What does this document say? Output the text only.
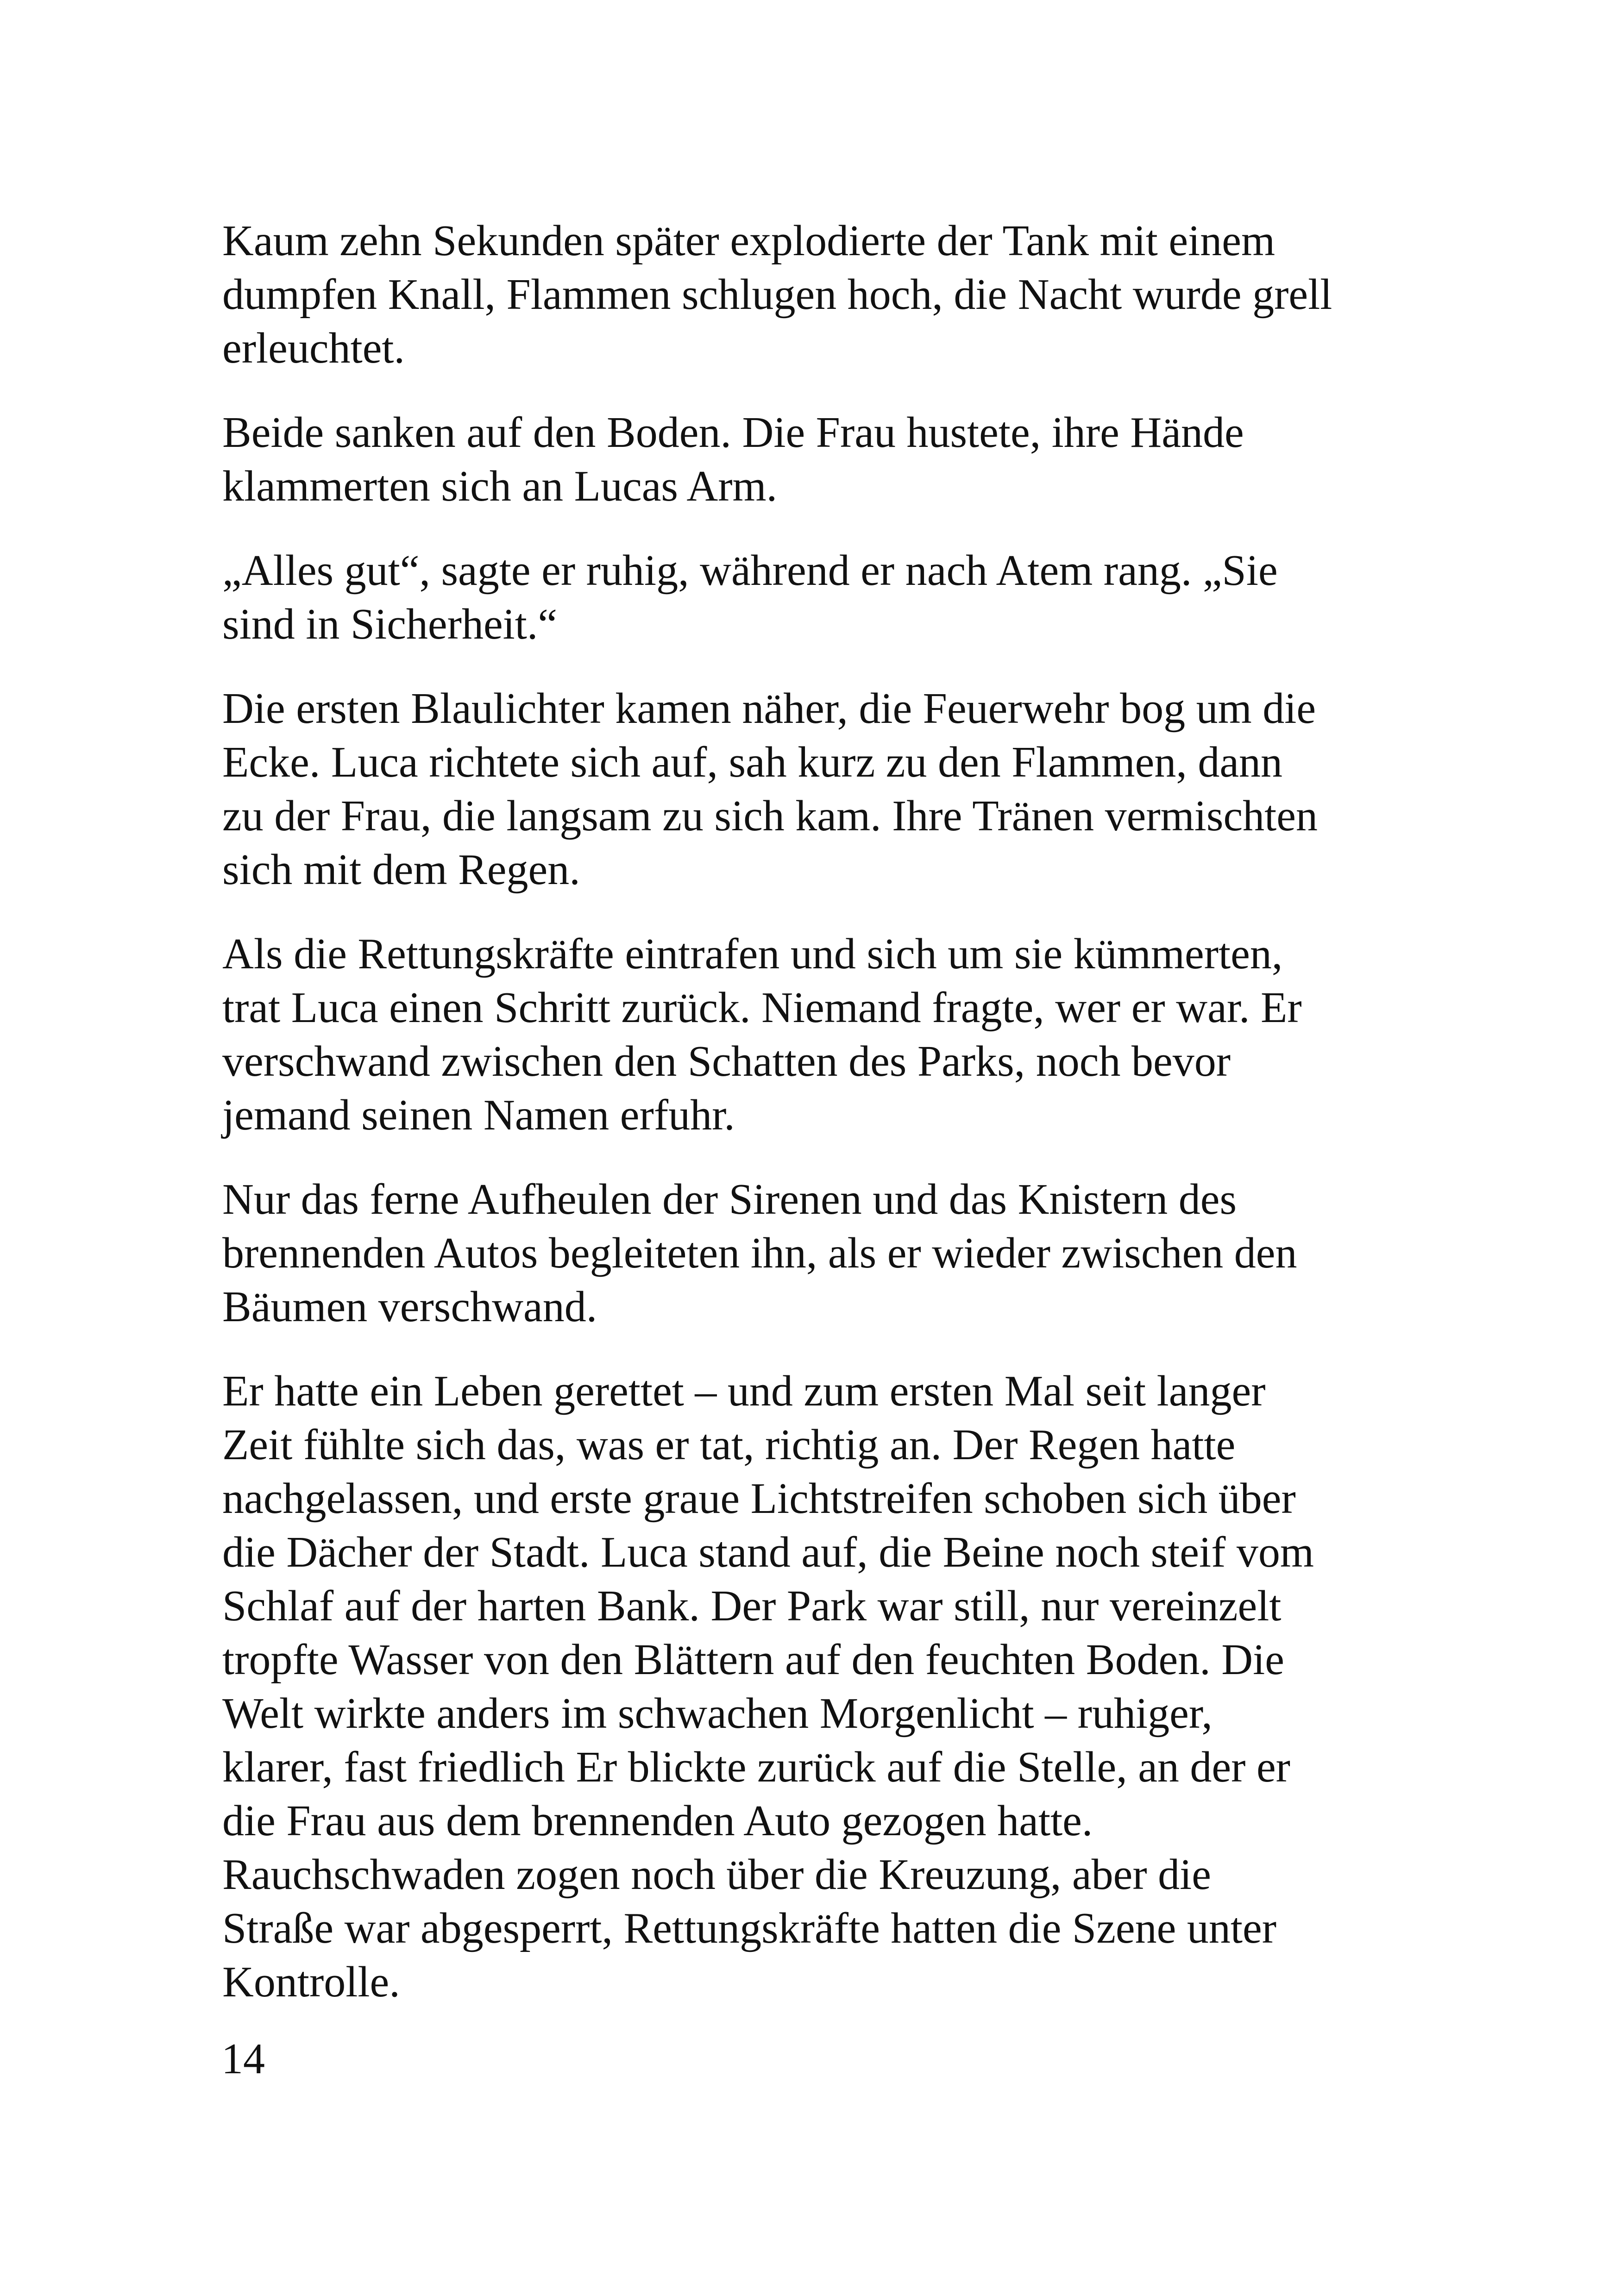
Kaum zehn Sekunden später explodierte der Tank mit einem
dumpfen Knall, Flammen schlugen hoch, die Nacht wurde grell
erleuchtet.

Beide sanken auf den Boden. Die Frau hustete, ihre Hände
klammerten sich an Lucas Arm.

„Alles gut“, sagte er ruhig, während er nach Atem rang. „Sie
sind in Sicherheit.“

Die ersten Blaulichter kamen näher, die Feuerwehr bog um die
Ecke. Luca richtete sich auf, sah kurz zu den Flammen, dann
zu der Frau, die langsam zu sich kam. Ihre Tränen vermischten
sich mit dem Regen.

Als die Rettungskräfte eintrafen und sich um sie kümmerten,
trat Luca einen Schritt zurück. Niemand fragte, wer er war. Er
verschwand zwischen den Schatten des Parks, noch bevor
jemand seinen Namen erfuhr.

Nur das ferne Aufheulen der Sirenen und das Knistern des
brennenden Autos begleiteten ihn, als er wieder zwischen den
Bäumen verschwand.

Er hatte ein Leben gerettet – und zum ersten Mal seit langer
Zeit fühlte sich das, was er tat, richtig an. Der Regen hatte
nachgelassen, und erste graue Lichtstreifen schoben sich über
die Dächer der Stadt. Luca stand auf, die Beine noch steif vom
Schlaf auf der harten Bank. Der Park war still, nur vereinzelt
tropfte Wasser von den Blättern auf den feuchten Boden. Die
Welt wirkte anders im schwachen Morgenlicht – ruhiger,
klarer, fast friedlich Er blickte zurück auf die Stelle, an der er
die Frau aus dem brennenden Auto gezogen hatte.
Rauchschwaden zogen noch über die Kreuzung, aber die
Straße war abgesperrt, Rettungskräfte hatten die Szene unter
Kontrolle.

14
